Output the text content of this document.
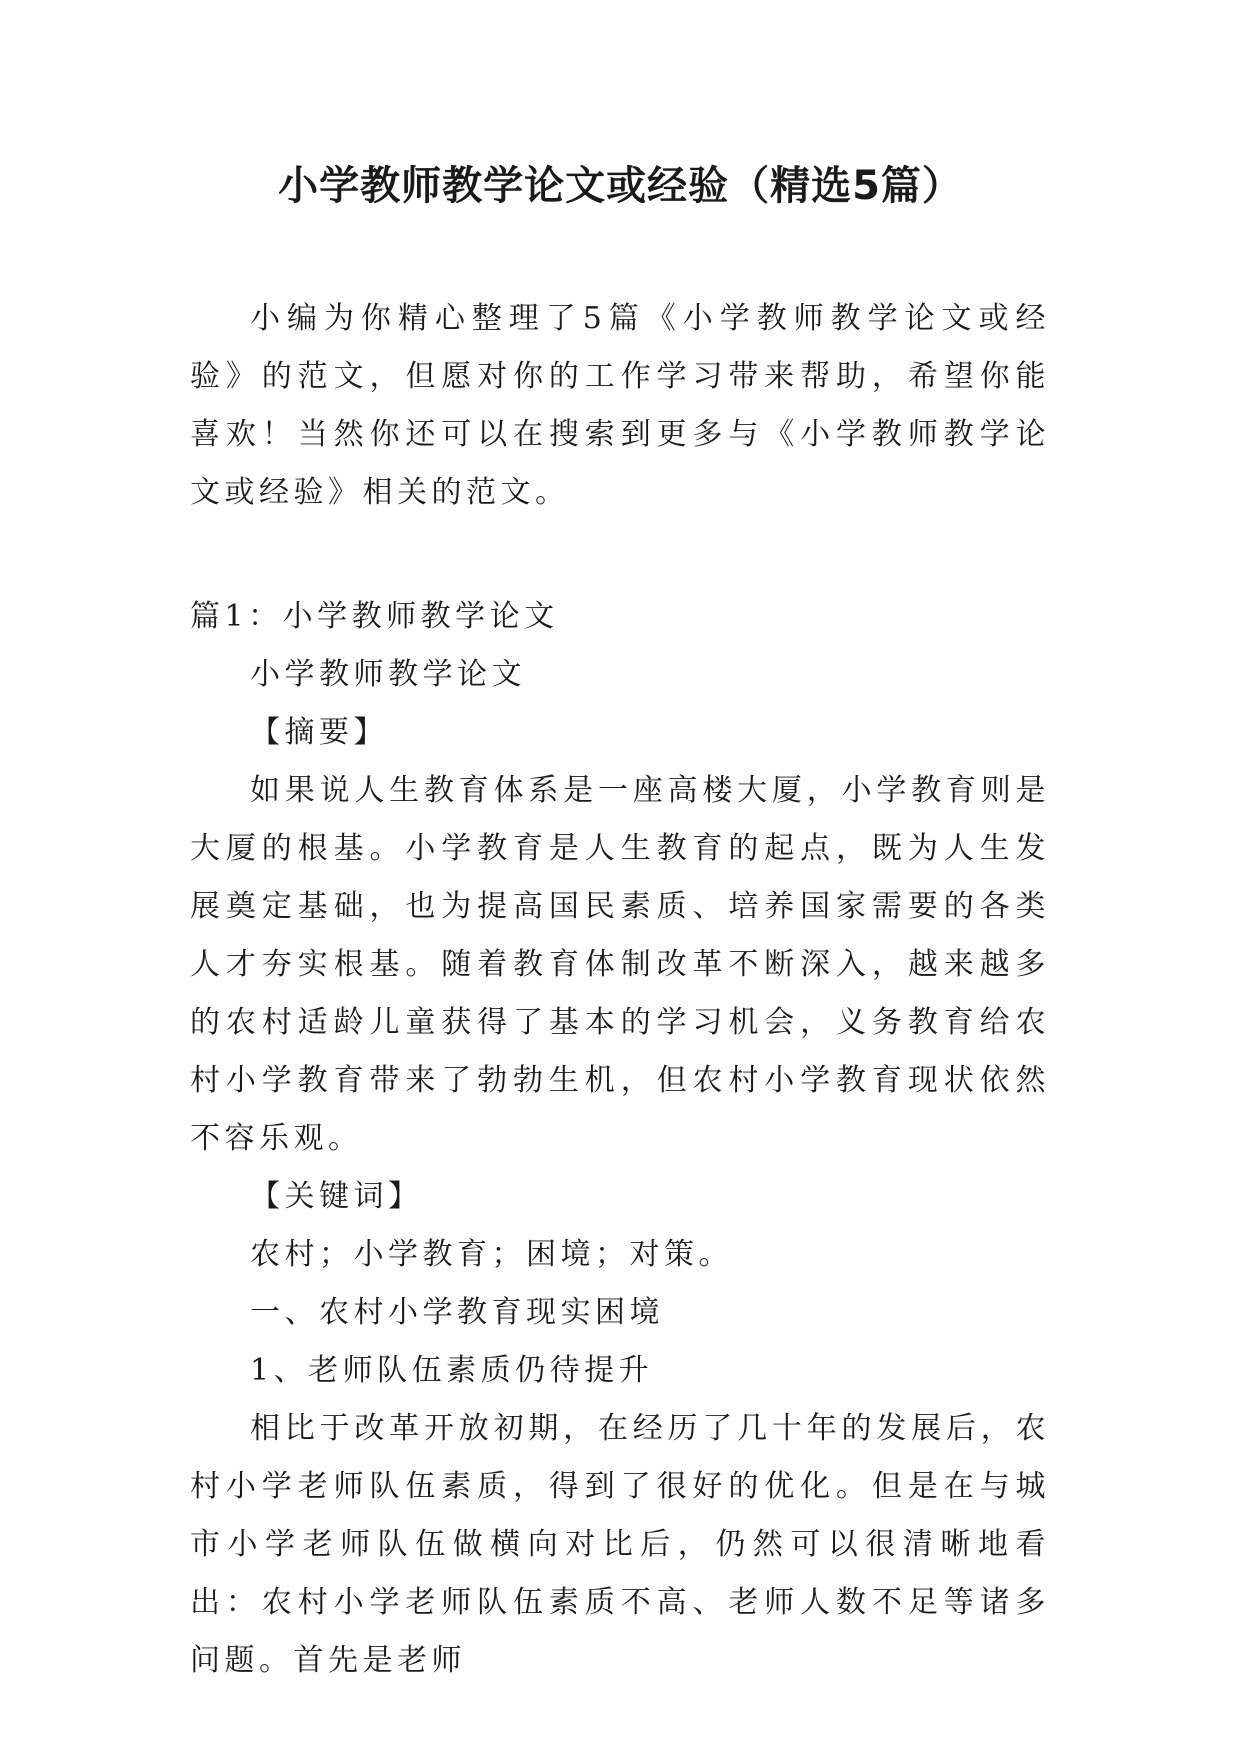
小学教师教学论文或经验（精选5篇）

小编为你精心整理了5篇《小学教师教学论文或经验》的范文，但愿对你的工作学习带来帮助，希望你能喜欢！当然你还可以在搜索到更多与《小学教师教学论文或经验》相关的范文。

篇1：小学教师教学论文

小学教师教学论文

【摘要】

如果说人生教育体系是一座高楼大厦，小学教育则是大厦的根基。小学教育是人生教育的起点，既为人生发展奠定基础，也为提高国民素质、培养国家需要的各类人才夯实根基。随着教育体制改革不断深入，越来越多的农村适龄儿童获得了基本的学习机会，义务教育给农村小学教育带来了勃勃生机，但农村小学教育现状依然不容乐观。

【关键词】

农村；小学教育；困境；对策。

一、农村小学教育现实困境

1、老师队伍素质仍待提升

相比于改革开放初期，在经历了几十年的发展后，农村小学老师队伍素质，得到了很好的优化。但是在与城市小学老师队伍做横向对比后，仍然可以很清晰地看出：农村小学老师队伍素质不高、老师人数不足等诸多问题。首先是老师
